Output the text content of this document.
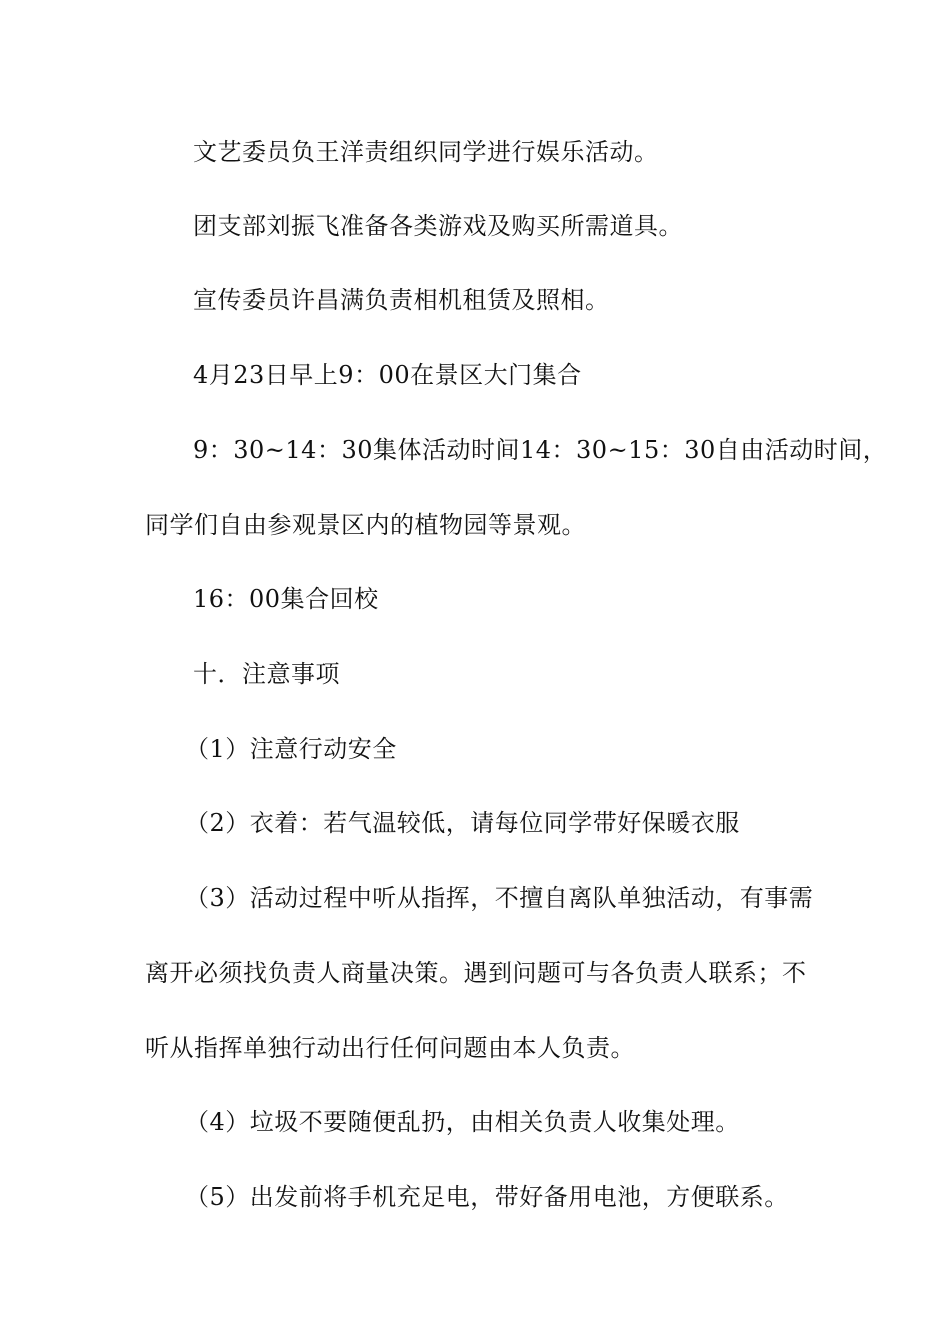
文艺委员负王洋责组织同学进行娱乐活动。
团支部刘振飞准备各类游戏及购买所需道具。
宣传委员许昌满负责相机租赁及照相。
4月23日早上9：00在景区大门集合
9：30~14：30集体活动时间14：30~15：30自由活动时间，
同学们自由参观景区内的植物园等景观。
16：00集合回校
十．注意事项
（1）注意行动安全
（2）衣着：若气温较低，请每位同学带好保暖衣服
（3）活动过程中听从指挥，不擅自离队单独活动，有事需
离开必须找负责人商量决策。遇到问题可与各负责人联系；不
听从指挥单独行动出行任何问题由本人负责。
（4）垃圾不要随便乱扔，由相关负责人收集处理。
（5）出发前将手机充足电，带好备用电池，方便联系。
